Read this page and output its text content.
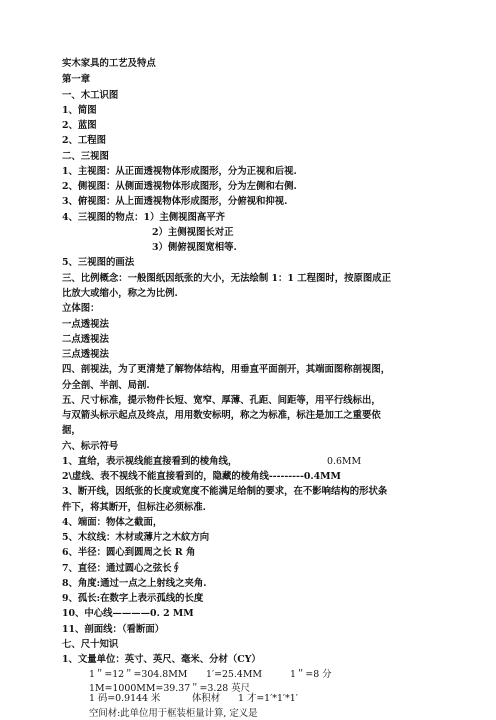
实木家具的工艺及特点
第一章
一、木工识图
1、简图
2、蓝图
2、工程图
二、三视图
1、主视图：从正面透视物体形成图形，分为正视和后视.
2、侧视图：从侧面透视物体形成图形，分为左侧和右侧.
3、俯视图：从上面透视物体形成图形，分俯视和抑视.
4、三视图的物点：1）主侧视图高平齐
2）主侧视图长对正
3）侧俯视图宽相等.
5、三视图的画法
三、比例概念：一般图纸因纸张的大小，无法绘制 1：1 工程图时，按原图成正
比放大或缩小，称之为比例.
立体图：
一点透视法
二点透视法
三点透视法
四、剖视法，为了更清楚了解物体结构，用垂直平面剖开，其端面图称剖视图，
分全剖、半剖、局剖.
五、尺寸标准，提示物件长短、宽窄、厚薄、孔距、间距等，用平行线标出，
与双箭头标示起点及终点，用用数安标明，称之为标准，标注是加工之重要依
据，
六、标示符号
1、直给，表示视线能直接看到的棱角线，	0.6MM
2\虚线、表不视线不能直接看到的，隐藏的棱角线---------0.4MM
3、断开线，因纸张的长度或宽度不能满足给制的要求，在不影响结构的形状条
件下，将其断开，但标注必须标准.
4、端面：物体之截面，
5、木纹线：木材或薄片之木紋方向
6、半径：圆心到圆周之长 R 角
7、直径：通过圆心之弦长∮
8、角度:通过一点之上射线之夹角.
9、孤长:在数字上表示孤线的长度
10、中心线————0. 2 MM
11、剖面线：（看断面）
七、尺十知识
1、文量单位：英寸、英尺、毫米、分材（CY）
1＂=12＂=304.8MM 1′=25.4MM	1＂=8 分
1M=1000MM=39.37＂=3.28 英尺
1 码=0.9144 米	体积材 1 才=1′*1′*1′
空间材:此单位用于框装柜量计算, 定义是
